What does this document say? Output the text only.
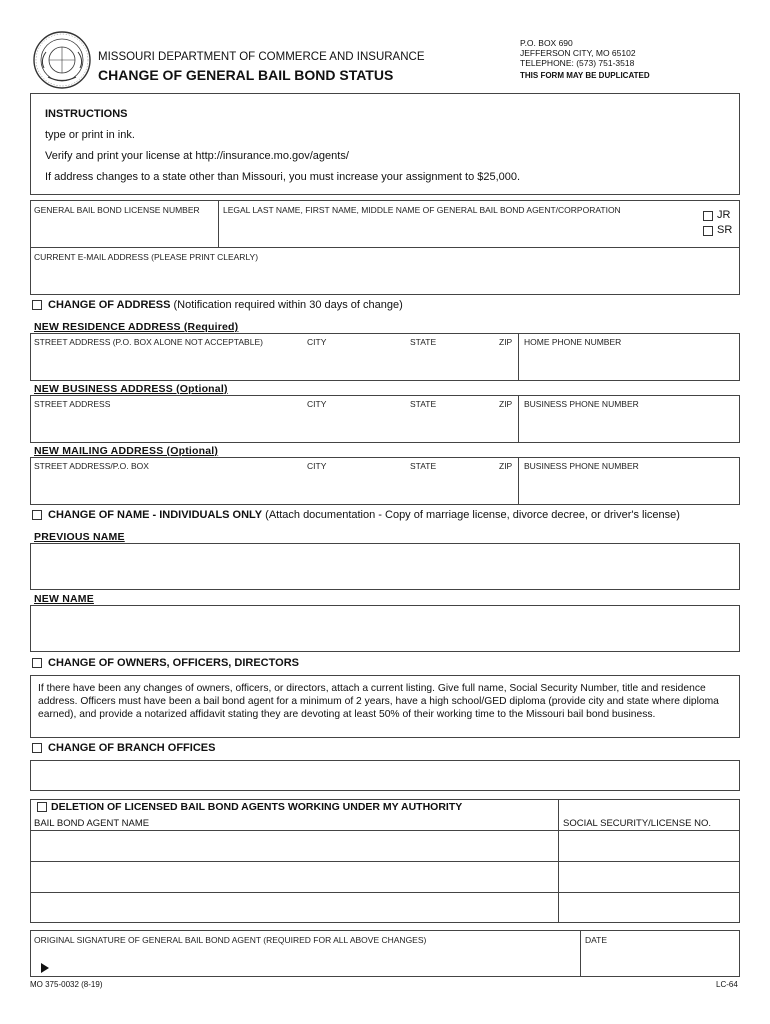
MISSOURI DEPARTMENT OF COMMERCE AND INSURANCE
CHANGE OF GENERAL BAIL BOND STATUS
P.O. BOX 690
JEFFERSON CITY, MO 65102
TELEPHONE: (573) 751-3518
THIS FORM MAY BE DUPLICATED
INSTRUCTIONS
type or print in ink.
Verify and print your license at http://insurance.mo.gov/agents/
If address changes to a state other than Missouri, you must increase your assignment to $25,000.
GENERAL BAIL BOND LICENSE NUMBER	LEGAL LAST NAME, FIRST NAME, MIDDLE NAME OF GENERAL BAIL BOND AGENT/CORPORATION	JR
SR
CURRENT E-MAIL ADDRESS (PLEASE PRINT CLEARLY)
CHANGE OF ADDRESS (Notification required within 30 days of change)
NEW RESIDENCE ADDRESS (Required)
STREET ADDRESS (P.O. BOX ALONE NOT ACCEPTABLE)	CITY	STATE	ZIP HOME PHONE NUMBER
NEW BUSINESS ADDRESS (Optional)
STREET ADDRESS	CITY	STATE	ZIP BUSINESS PHONE NUMBER
NEW MAILING ADDRESS (Optional)
STREET ADDRESS/P.O. BOX	CITY	STATE	ZIP BUSINESS PHONE NUMBER
CHANGE OF NAME - INDIVIDUALS ONLY (Attach documentation - Copy of marriage license, divorce decree, or driver's license)
PREVIOUS NAME
NEW NAME
CHANGE OF OWNERS, OFFICERS, DIRECTORS
If there have been any changes of owners, officers, or directors, attach a current listing. Give full name, Social Security Number, title and residence address. Officers must have been a bail bond agent for a minimum of 2 years, have a high school/GED diploma (provide city and state where diploma earned), and provide a notarized affidavit stating they are devoting at least 50% of their working time to the Missouri bail bond business.
CHANGE OF BRANCH OFFICES
DELETION OF LICENSED BAIL BOND AGENTS WORKING UNDER MY AUTHORITY
BAIL BOND AGENT NAME	SOCIAL SECURITY/LICENSE NO.
ORIGINAL SIGNATURE OF GENERAL BAIL BOND AGENT (REQUIRED FOR ALL ABOVE CHANGES)	DATE
MO 375-0032 (8-19)	LC-64
